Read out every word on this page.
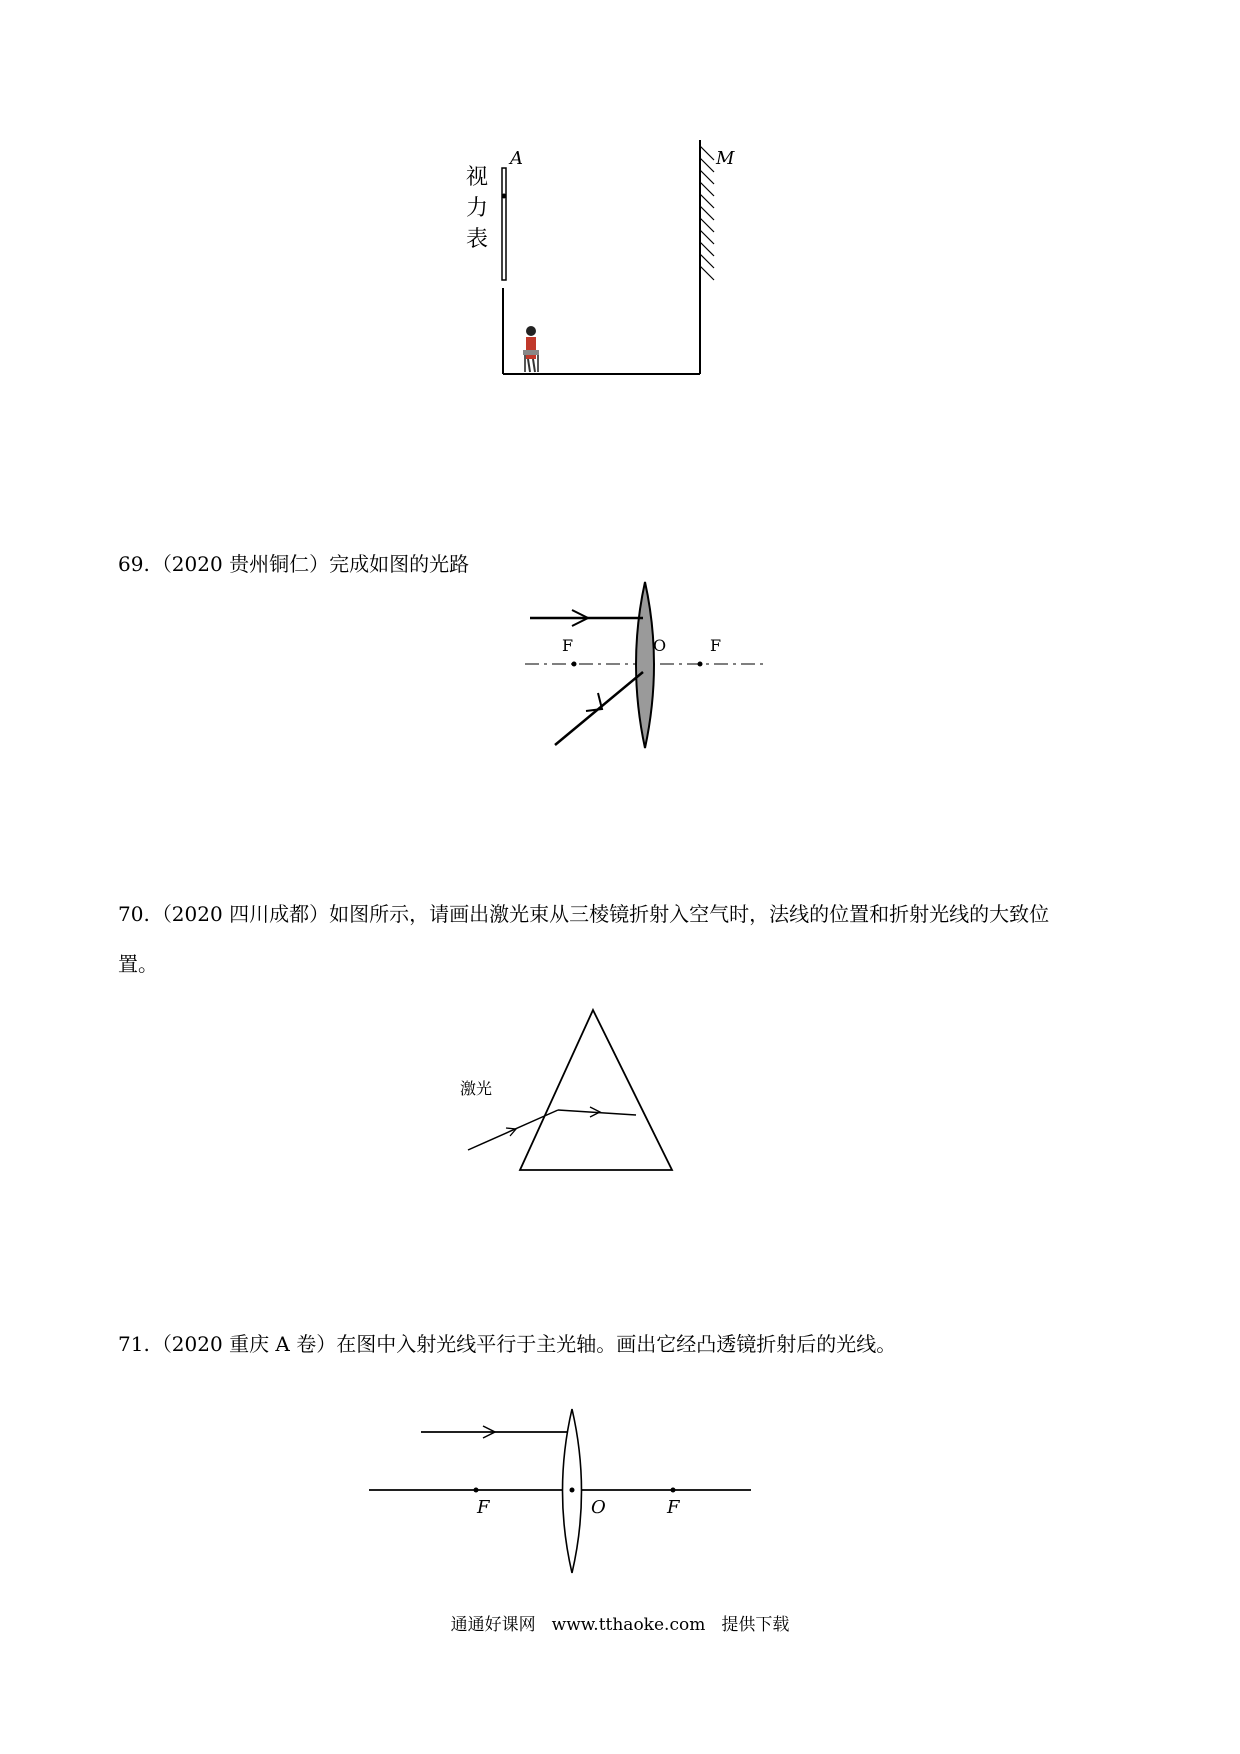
A	M
视
力
表
69. （2020 贵州铜仁）完成如图的光路
F	O	F
70. （2020 四川成都）如图所示，请画出激光束从三棱镜折射入空气时，法线的位置和折射光线的大致位
置。
激光
71. （2020 重庆 A 卷）在图中入射光线平行于主光轴。画出它经凸透镜折射后的光线。
F	O	F
通通好课网 www.tthaoke.com 提供下载
